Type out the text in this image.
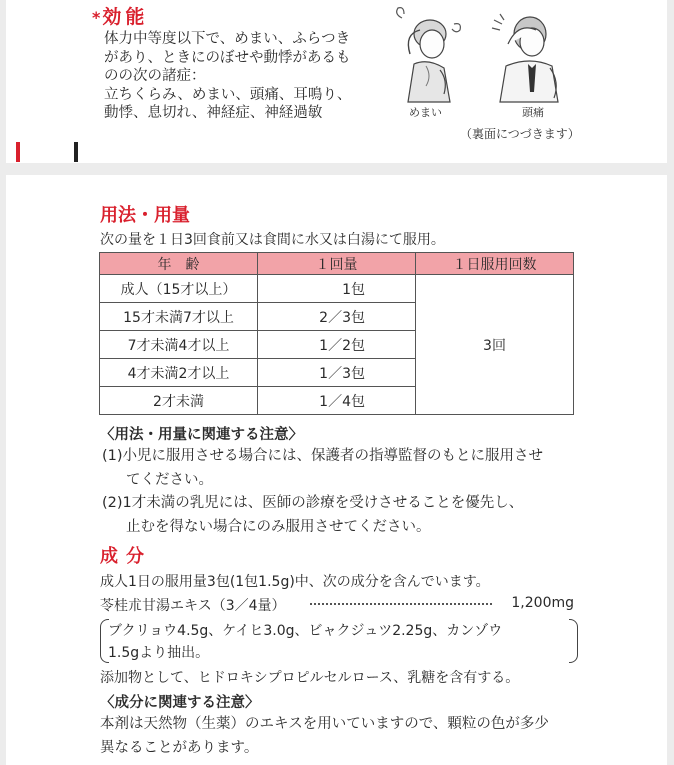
* 効能
体力中等度以下で、めまい、ふらつき
があり、ときにのぼせや動悸があるも
のの次の諸症：
立ちくらみ、めまい、頭痛、耳鳴り、
動悸、息切れ、神経症、神経過敏	めまい	頭痛
（裏面につづきます）
用法・用量
次の量を１日3回食前又は食間に水又は白湯にて服用。
年　齢	１回量	１日服用回数
成人（15才以上）	1包	3回
15才未満7才以上	2／3包	
7才未満4才以上	1／2包	
4才未満2才以上	1／3包	
2才未満	1／4包	
〈用法・用量に関連する注意〉
(1)小児に服用させる場合には、保護者の指導監督のもとに服用させ
てください。
(2)1才未満の乳児には、医師の診療を受けさせることを優先し、
止むを得ない場合にのみ服用させてください。
成分
成人1日の服用量3包(1包1.5g)中、次の成分を含んでいます。
苓桂朮甘湯エキス（3／4量）	1,200mg
ブクリョウ4.5g、ケイヒ3.0g、ビャクジュツ2.25g、カンゾウ
1.5gより抽出。
添加物として、ヒドロキシプロピルセルロース、乳糖を含有する。
〈成分に関連する注意〉
本剤は天然物（生薬）のエキスを用いていますので、顆粒の色が多少
異なることがあります。
